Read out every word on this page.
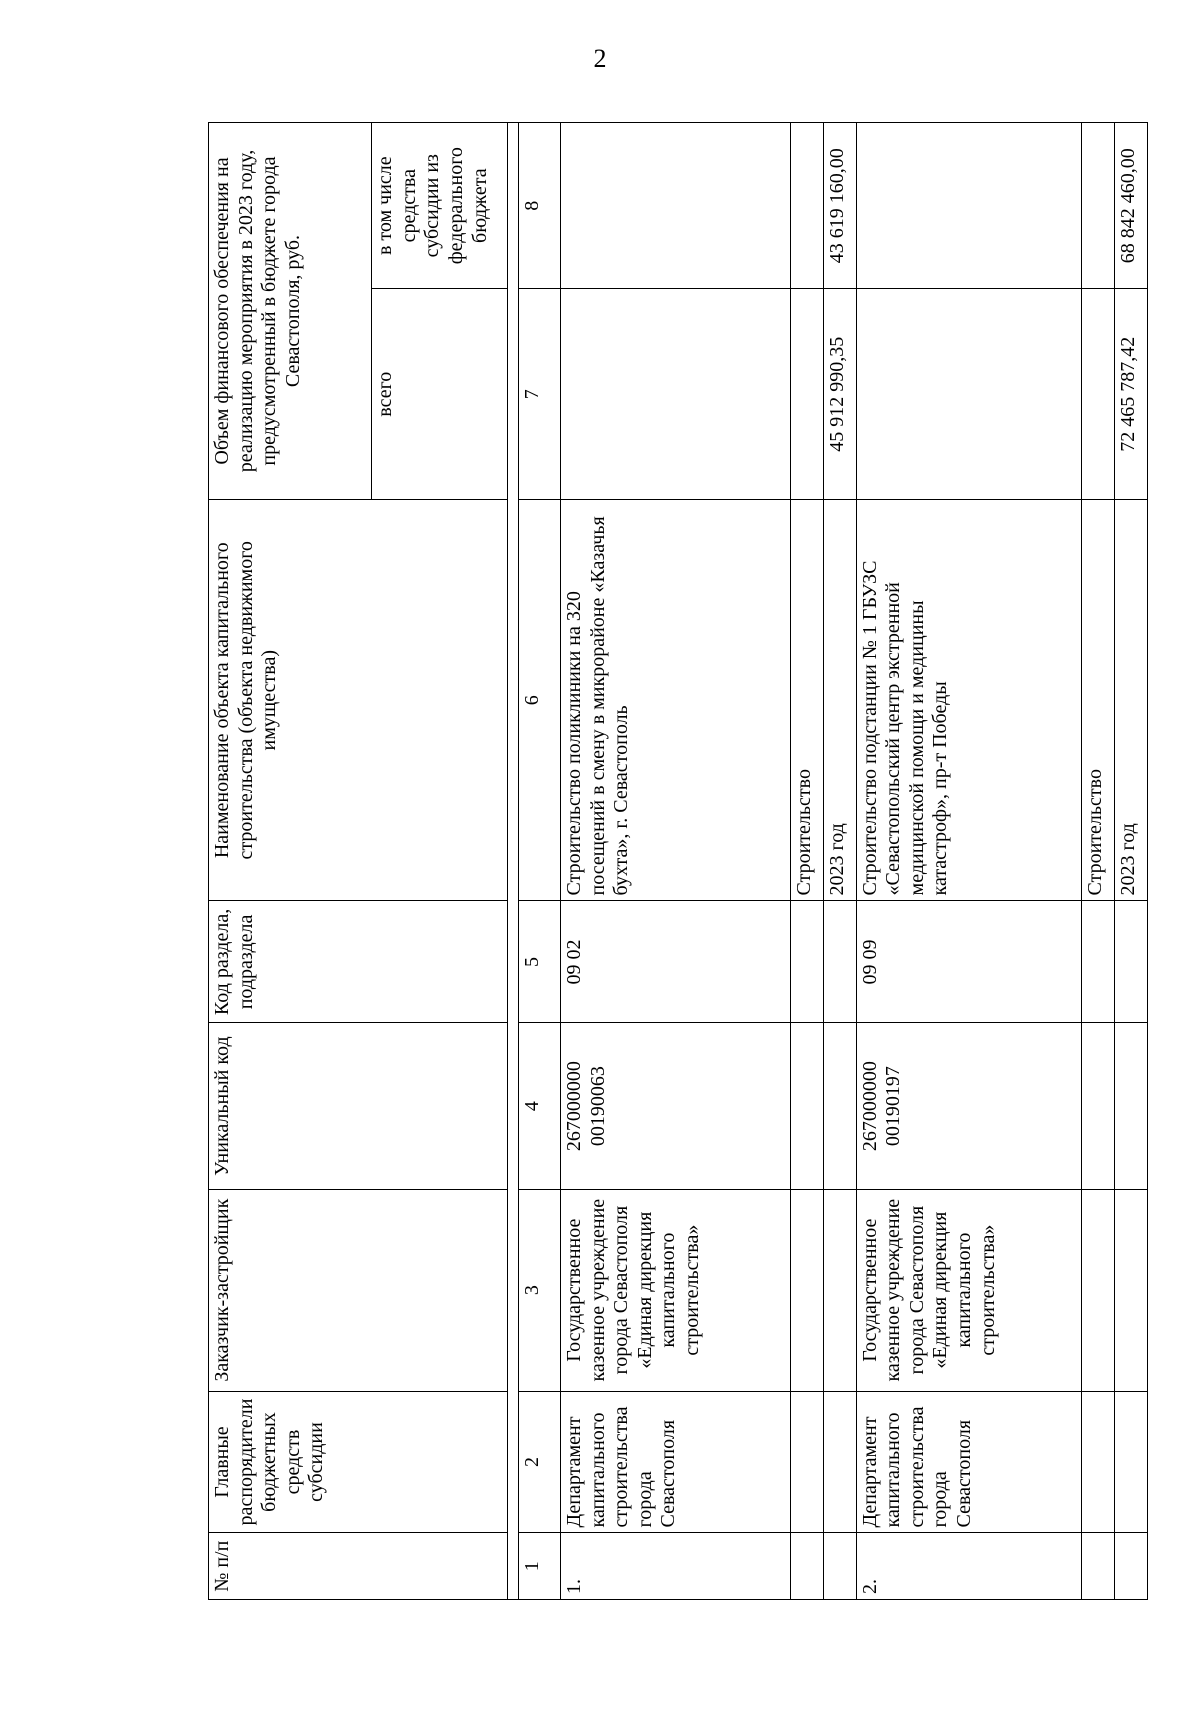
2
№ п/п	Главные распорядители бюджетных средств субсидии	Заказчик-застройщик	Уникальный код	Код раздела, подраздела	Наименование объекта капитального строительства (объекта недвижимого имущества)	Объем финансового обеспечения на реализацию мероприятия в 2023 году, предусмотренный в бюджете города Севастополя, руб.	
						всего	в том числе средства субсидии из федерального бюджета

1	2	3	4	5	6	7	8
1.	Департамент капитального строительства города Севастополя	Государственное казенное учреждение города Севастополя «Единая дирекция капитального строительства»	267000000 00190063	09 02	Строительство поликлиники на 320 посещений в смену в микрорайоне «Казачья бухта», г. Севастополь		
					Строительство		
					2023 год	45 912 990,35	43 619 160,00
2.	Департамент капитального строительства города Севастополя	Государственное казенное учреждение города Севастополя «Единая дирекция капитального строительства»	267000000 00190197	09 09	Строительство подстанции № 1 ГБУЗС «Севастопольский центр экстренной медицинской помощи и медицины катастроф», пр-т Победы		
					Строительство		
					2023 год	72 465 787,42	68 842 460,00
